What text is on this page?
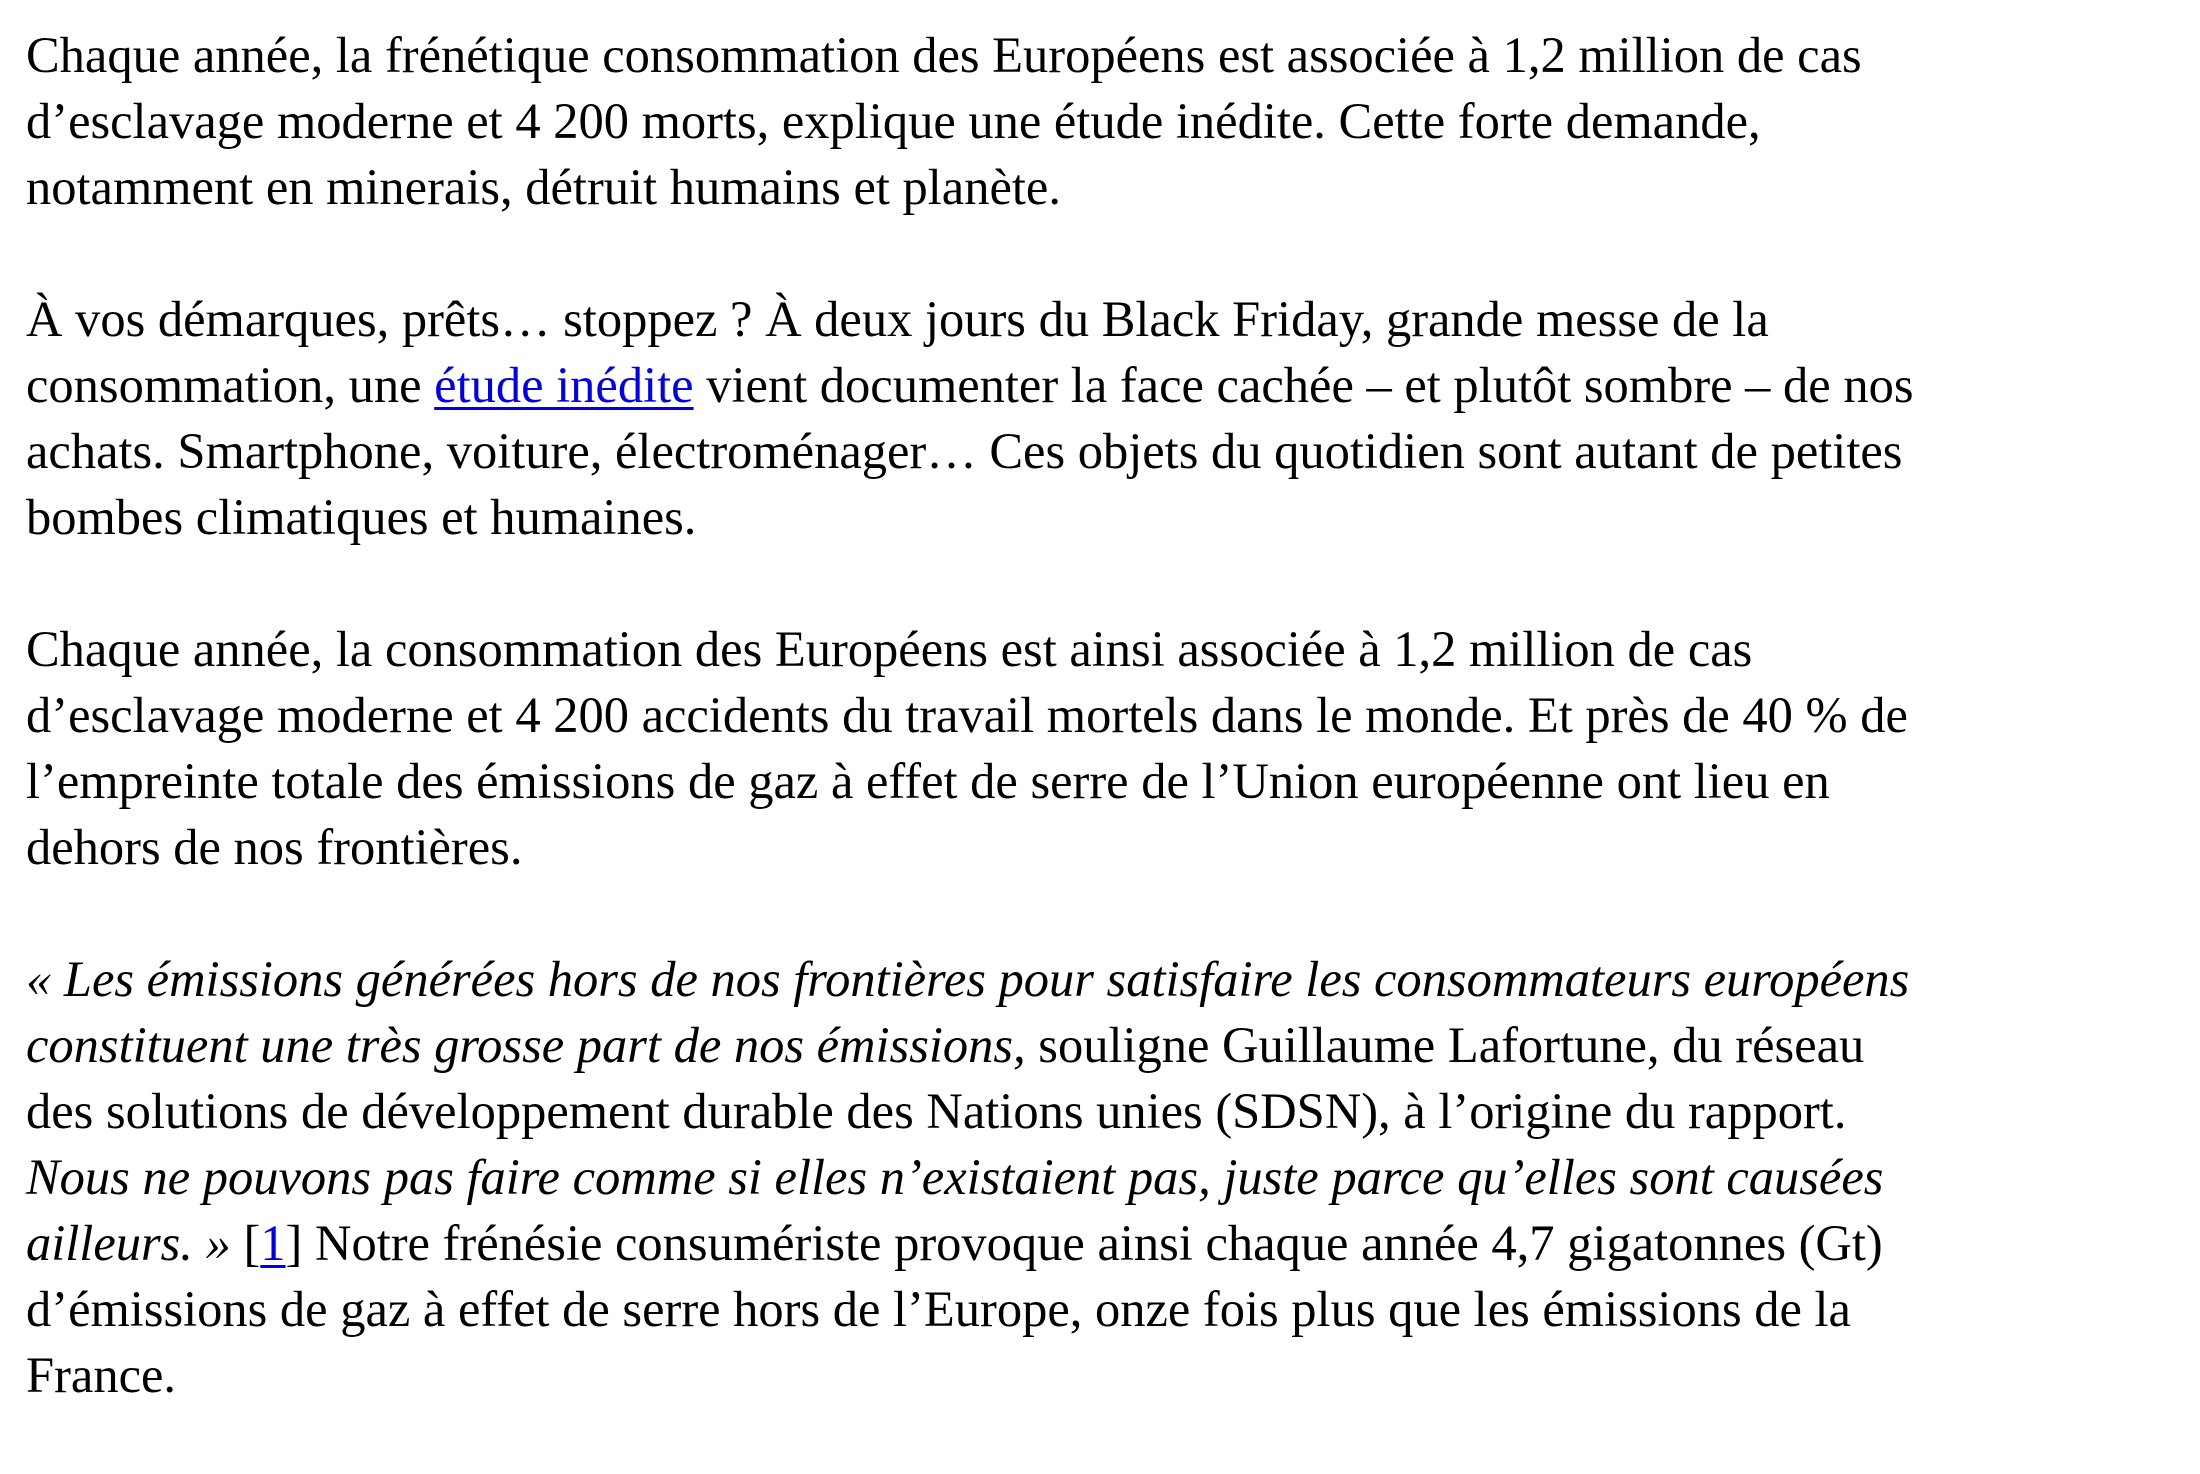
Chaque année, la frénétique consommation des Européens est associée à 1,2 million de cas
d’esclavage moderne et 4 200 morts, explique une étude inédite. Cette forte demande,
notamment en minerais, détruit humains et planète.

À vos démarques, prêts… stoppez ? À deux jours du Black Friday, grande messe de la
consommation, une étude inédite vient documenter la face cachée – et plutôt sombre – de nos
achats. Smartphone, voiture, électroménager… Ces objets du quotidien sont autant de petites
bombes climatiques et humaines.

Chaque année, la consommation des Européens est ainsi associée à 1,2 million de cas
d’esclavage moderne et 4 200 accidents du travail mortels dans le monde. Et près de 40 % de
l’empreinte totale des émissions de gaz à effet de serre de l’Union européenne ont lieu en
dehors de nos frontières.

« Les émissions générées hors de nos frontières pour satisfaire les consommateurs européens
constituent une très grosse part de nos émissions, souligne Guillaume Lafortune, du réseau
des solutions de développement durable des Nations unies (SDSN), à l’origine du rapport.
Nous ne pouvons pas faire comme si elles n’existaient pas, juste parce qu’elles sont causées
ailleurs. » [1] Notre frénésie consumériste provoque ainsi chaque année 4,7 gigatonnes (Gt)
d’émissions de gaz à effet de serre hors de l’Europe, onze fois plus que les émissions de la
France.
